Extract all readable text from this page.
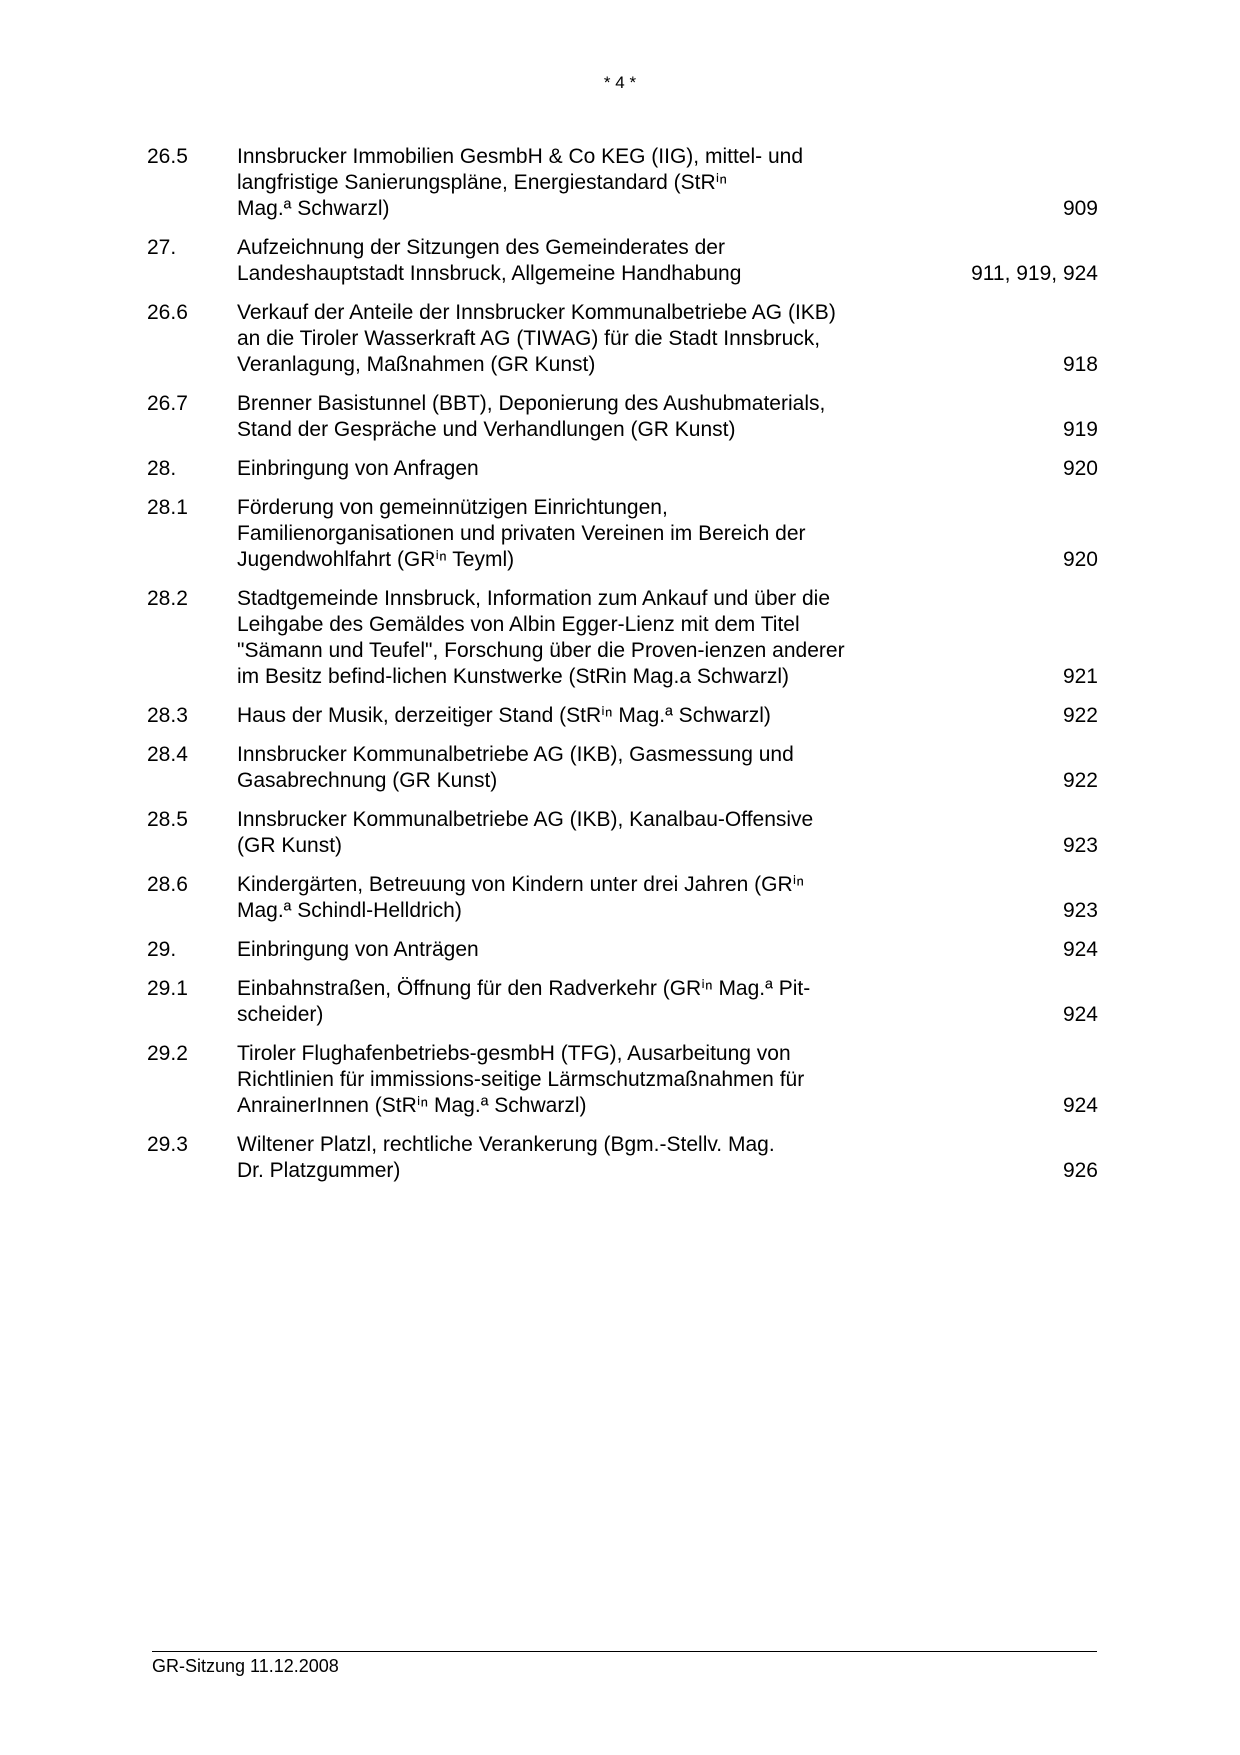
* 4 *
26.5	Innsbrucker Immobilien GesmbH & Co KEG (IIG), mittel- und
langfristige Sanierungspläne, Energiestandard (StRⁱⁿ
Mag.ª Schwarzl)	909
27.	Aufzeichnung der Sitzungen des Gemeinderates der
Landeshauptstadt Innsbruck, Allgemeine Handhabung	911, 919, 924
26.6	Verkauf der Anteile der Innsbrucker Kommunalbetriebe AG (IKB)
an die Tiroler Wasserkraft AG (TIWAG) für die Stadt Innsbruck,
Veranlagung, Maßnahmen (GR Kunst)	918
26.7	Brenner Basistunnel (BBT), Deponierung des Aushubmaterials,
Stand der Gespräche und Verhandlungen (GR Kunst)	919
28.	Einbringung von Anfragen	920
28.1	Förderung von gemeinnützigen Einrichtungen,
Familienorganisationen und privaten Vereinen im Bereich der
Jugendwohlfahrt (GRⁱⁿ Teyml)	920
28.2	Stadtgemeinde Innsbruck, Information zum Ankauf und über die
Leihgabe des Gemäldes von Albin Egger-Lienz mit dem Titel
"Sämann und Teufel", Forschung über die Proven-ienzen anderer
im Besitz befind-lichen Kunstwerke (StRin Mag.a Schwarzl)	921
28.3	Haus der Musik, derzeitiger Stand (StRⁱⁿ Mag.ª Schwarzl)	922
28.4	Innsbrucker Kommunalbetriebe AG (IKB), Gasmessung und
Gasabrechnung (GR Kunst)	922
28.5	Innsbrucker Kommunalbetriebe AG (IKB), Kanalbau-Offensive
(GR Kunst)	923
28.6	Kindergärten, Betreuung von Kindern unter drei Jahren (GRⁱⁿ
Mag.ª Schindl-Helldrich)	923
29.	Einbringung von Anträgen	924
29.1	Einbahnstraßen, Öffnung für den Radverkehr (GRⁱⁿ Mag.ª Pit-
scheider)	924
29.2	Tiroler Flughafenbetriebs-gesmbH (TFG), Ausarbeitung von
Richtlinien für immissions-seitige Lärmschutzmaßnahmen für
AnrainerInnen (StRⁱⁿ Mag.ª Schwarzl)	924
29.3	Wiltener Platzl, rechtliche Verankerung (Bgm.-Stellv. Mag.
Dr. Platzgummer)	926
GR-Sitzung 11.12.2008
